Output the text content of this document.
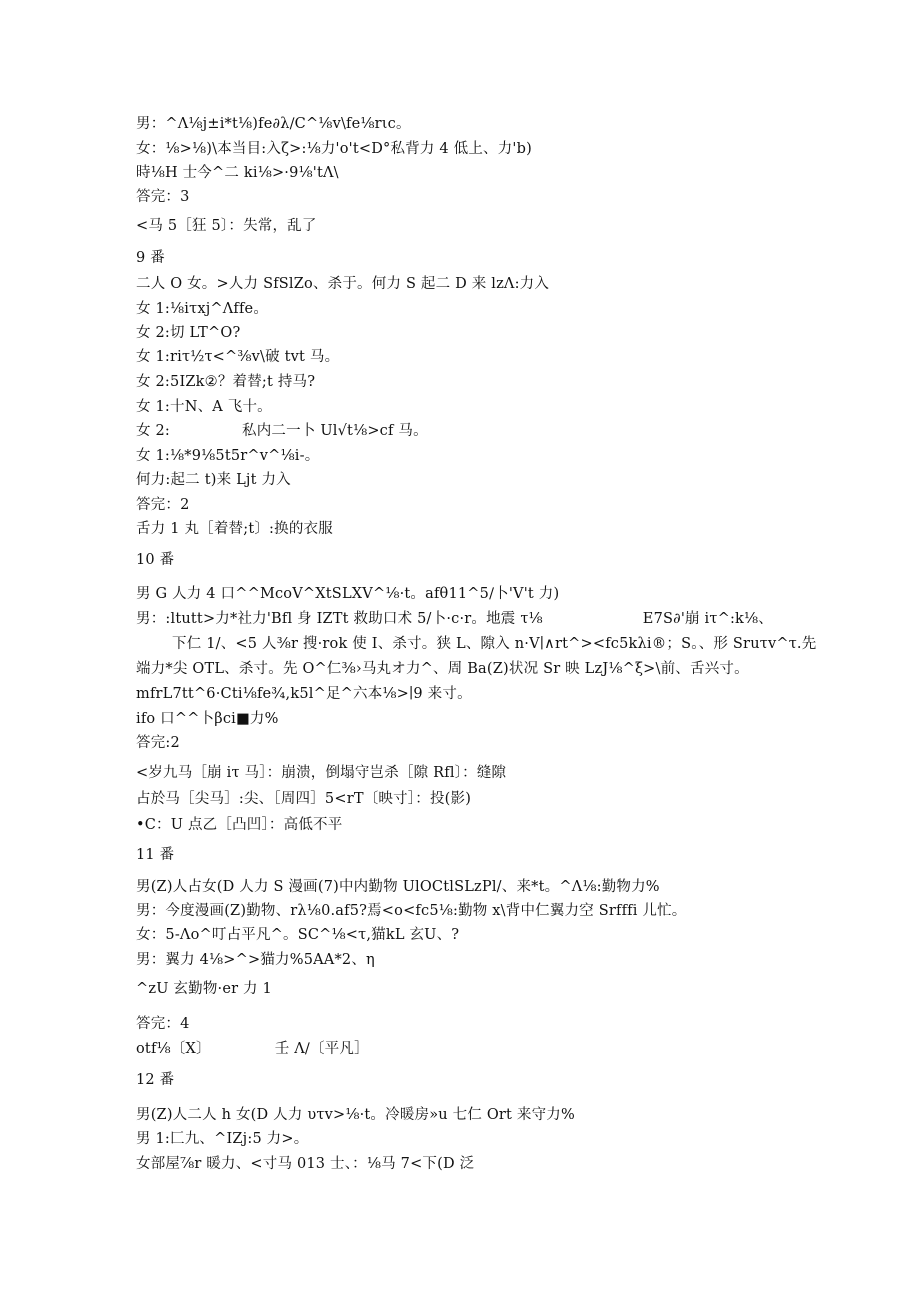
男：^Λ⅛j±i*t⅛)fe∂λ∕C^⅛v\fe⅛rιc。
女：⅛>⅛)\本当目:入ζ>:⅛力'o't<D°私背力 4 低上、力'b)
時⅛H 士今^二 ki⅛>·9⅛'tΛ\
答完：3
<马 5［狂 5〕：失常，乱了
9 番
二人 O 女。>人力 SfSlZo、杀于。何力 S 起二 D 来 lzΛ:力入
女 1:⅛iτxj^Λffe。
女 2:切 LT^O?
女 1:riτ½τ<^⅜v\破 tvt 马。
女 2:5IZk②？着替;t 持马?
女 1:十N、A 飞十。
女 2:	私内二一卜 Ul√t⅛>cf 马。
女 1:⅛*9⅛5t5r^v^⅛i-。
何力:起二 t)来 Ljt 力入
答完：2
舌力 1 丸［着替;t〕:换的衣服
10 番
男 G 人力 4 口^^McoV^XtSLXV^⅛·t。afθ11^5∕卜'V't 力)
男：:ltutt>力*社力'Bfl 身 IZTt 救助口术 5/卜·c·r。地震 τ⅛	E7S∂'崩 iτ^:k⅛、
下仁 1/、<5 人⅜r 搜·rok 使 I、杀寸。狭 L、隙入 n·V∣∧rt^><fc5kλi®；S。、形 Sruτv^τ.先
端力*尖 OTL、杀寸。先 O^仁⅜›马丸オ力^、周 Ba(Z)状况 Sr 映 LzJ⅛^ξ>\前、舌兴寸。
mfrL7tt^6·Cti⅛fe¾,k5l^足^六本⅛>∣9 来寸。
ifo 口^^卜βci■力%
答完:2
<岁九马［崩 iτ 马］：崩溃，倒塌守岂杀［隙 Rfl〕：缝隙
占於马［尖马］:尖、［周四］5<rT〔映寸］：投(影)
•C：U 点乙［凸凹］：高低不平
11 番
男(Z)人占女(D 人力 S 漫画(7)中内勤物 UlOCtlSLzPl/、来*t。^Λ⅛:勤物力%
男：今度漫画(Z)勤物、rλ⅛0.af5?焉<o<fc5⅛:勤物 x\背中仁翼力空 Srfffi 儿忙。
女：5-Λo^叮占平凡^。SC^⅛<τ,猫kL 玄U、?
男：翼力 4⅛>^>猫力%5AA*2、η
^zU 玄勤物·er 力 1
答完：4
otf⅛〔X〕	壬 Λ∕〔平凡］
12 番
男(Z)人二人 h 女(D 人力 υτv>⅛·t。冷暖房»u 七仁 Ort 来守力%
男 1:匚九、^IZj:5 力>。
女部屋⅞r 暖力、<寸马 013 士、：⅛马 7<下(D 泛
